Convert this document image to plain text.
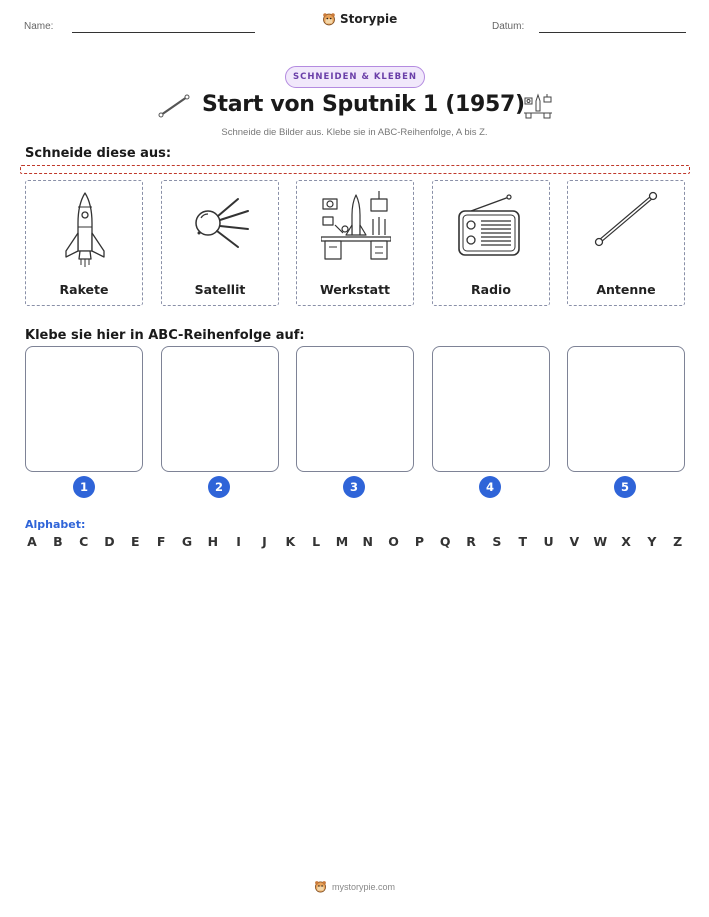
Name:
Storypie
Datum:
SCHNEIDEN & KLEBEN
Start von Sputnik 1 (1957)
Schneide die Bilder aus. Klebe sie in ABC-Reihenfolge, A bis Z.
Schneide diese aus:
Rakete	Satellit	Werkstatt	Radio	Antenne
Klebe sie hier in ABC-Reihenfolge auf:
1	2	3	4	5
Alphabet:
A B C D E F G H	I	J	K L M N O P Q R S T U V W X Y Z
mystorypie.com
